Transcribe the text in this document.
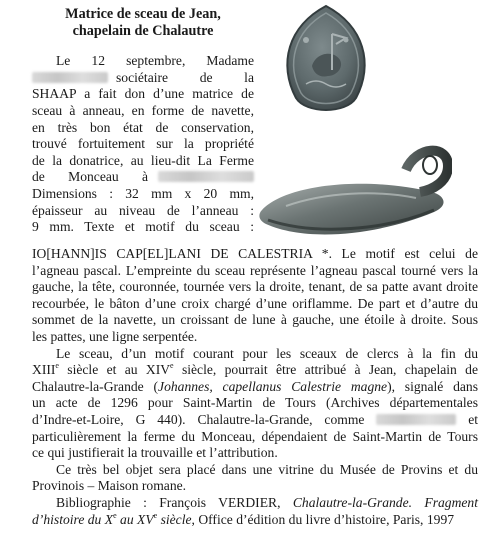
Matrice de sceau de Jean,
chapelain de Chalautre
Le 12 septembre, Madame
sociétaire de la
SHAAP a fait don d’une matrice de
sceau à anneau, en forme de navette,
en très bon état de conservation,
trouvé fortuitement sur la propriété
de la donatrice, au lieu-dit La Ferme
de Monceau à
Dimensions : 32 mm x 20 mm,
épaisseur au niveau de l’anneau :
9 mm. Texte et motif du sceau :
IO[HANN]IS CAP[EL]LANI DE CALESTRIA *. Le motif est celui de
l’agneau pascal. L’empreinte du sceau représente l’agneau pascal tourné vers la
gauche, la tête, couronnée, tournée vers la droite, tenant, de sa patte avant droite
recourbée, le bâton d’une croix chargé d’une oriflamme. De part et d’autre du
sommet de la navette, un croissant de lune à gauche, une étoile à droite. Sous
les pattes, une ligne serpentée.
Le sceau, d’un motif courant pour les sceaux de clercs à la fin du
XIIIe siècle et au XIVe siècle, pourrait être attribué à Jean, chapelain de
Chalautre-la-Grande (Johannes, capellanus Calestrie magne), signalé dans
un acte de 1296 pour Saint-Martin de Tours (Archives départementales
d’Indre-et-Loire, G 440). Chalautre-la-Grande, comme	et
particulièrement la ferme du Monceau, dépendaient de Saint-Martin de Tours
ce qui justifierait la trouvaille et l’attribution.
Ce très bel objet sera placé dans une vitrine du Musée de Provins et du
Provinois – Maison romane.
Bibliographie : François VERDIER, Chalautre-la-Grande. Fragment
d’histoire du Xe au XVe siècle, Office d’édition du livre d’histoire, Paris, 1997
